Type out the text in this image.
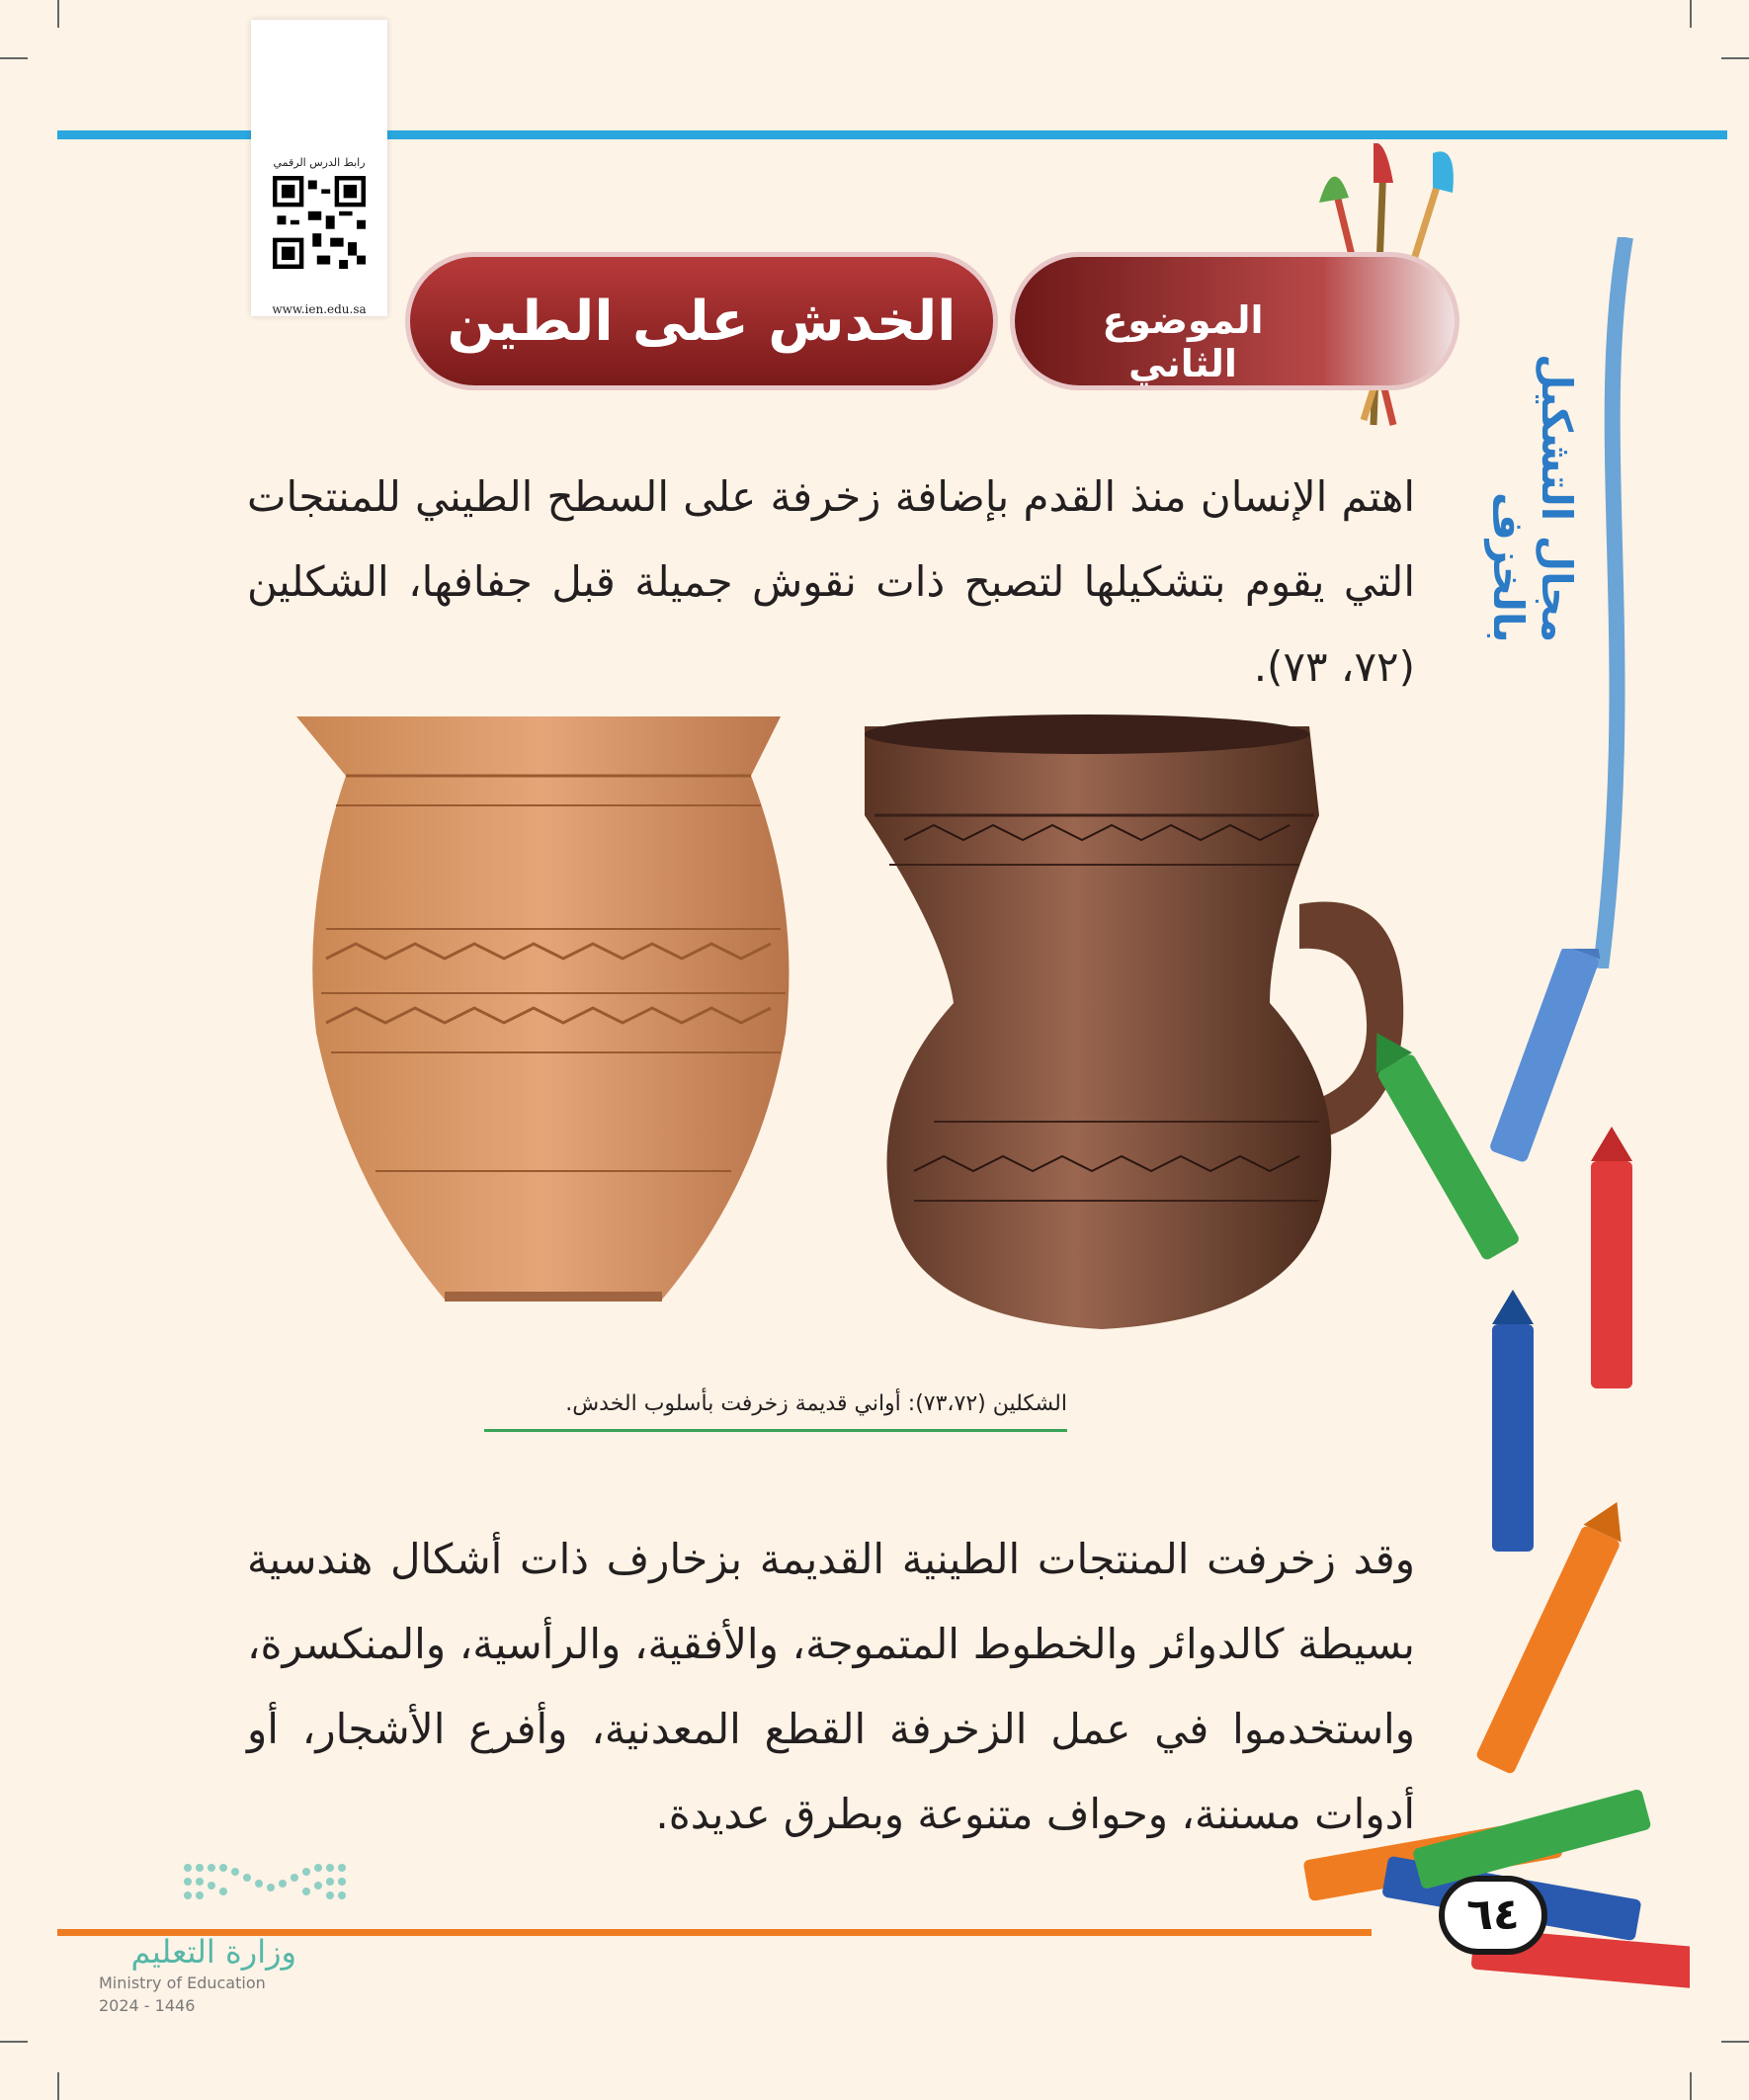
رابط الدرس الرقمي
www.ien.edu.sa	الموضوع الثاني
الخدش على الطين
مجال التشكيل بالخزف
اهتم الإنسان منذ القدم بإضافة زخرفة على السطح الطيني للمنتجات التي يقوم بتشكيلها لتصبح ذات نقوش جميلة قبل جفافها، الشكلين (٧٢، ٧٣).
الشكلين (٧٣،٧٢): أواني قديمة زخرفت بأسلوب الخدش.
وقد زخرفت المنتجات الطينية القديمة بزخارف ذات أشكال هندسية بسيطة كالدوائر والخطوط المتموجة، والأفقية، والرأسية، والمنكسرة، واستخدموا في عمل الزخرفة القطع المعدنية، وأفرع الأشجار، أو أدوات مسننة، وحواف متنوعة وبطرق عديدة.
٦٤
وزارة التعليم
Ministry of Education
2024 - 1446
